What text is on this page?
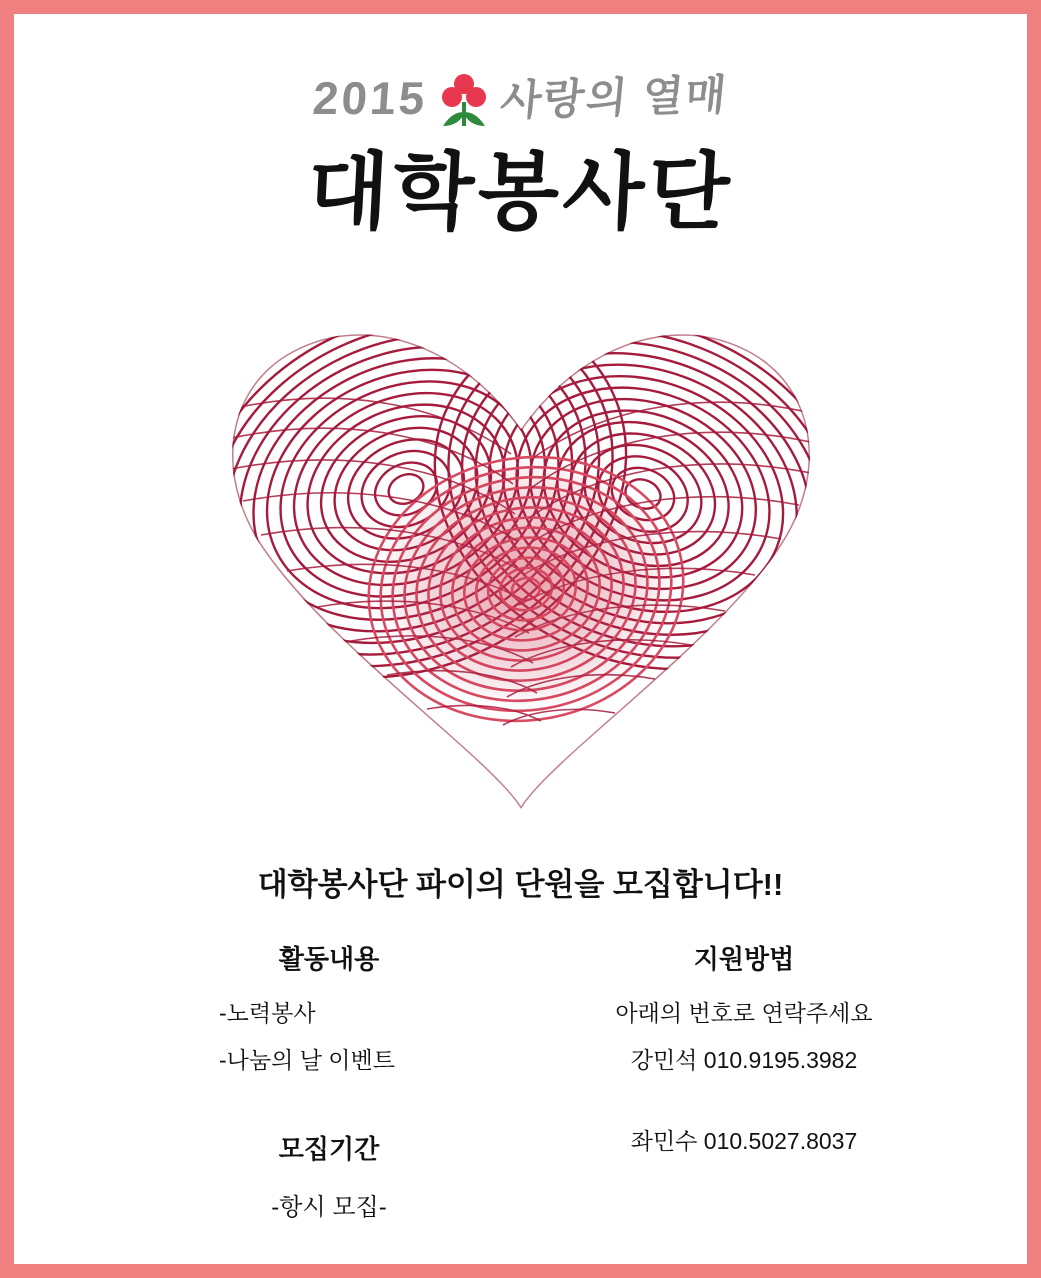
2015 사랑의 열매
대학봉사단
대학봉사단 파이의 단원을 모집합니다!!
활동내용
-노력봉사
-나눔의 날 이벤트
지원방법
아래의 번호로 연락주세요
강민석 010.9195.3982
좌민수 010.5027.8037
모집기간
-항시 모집-
